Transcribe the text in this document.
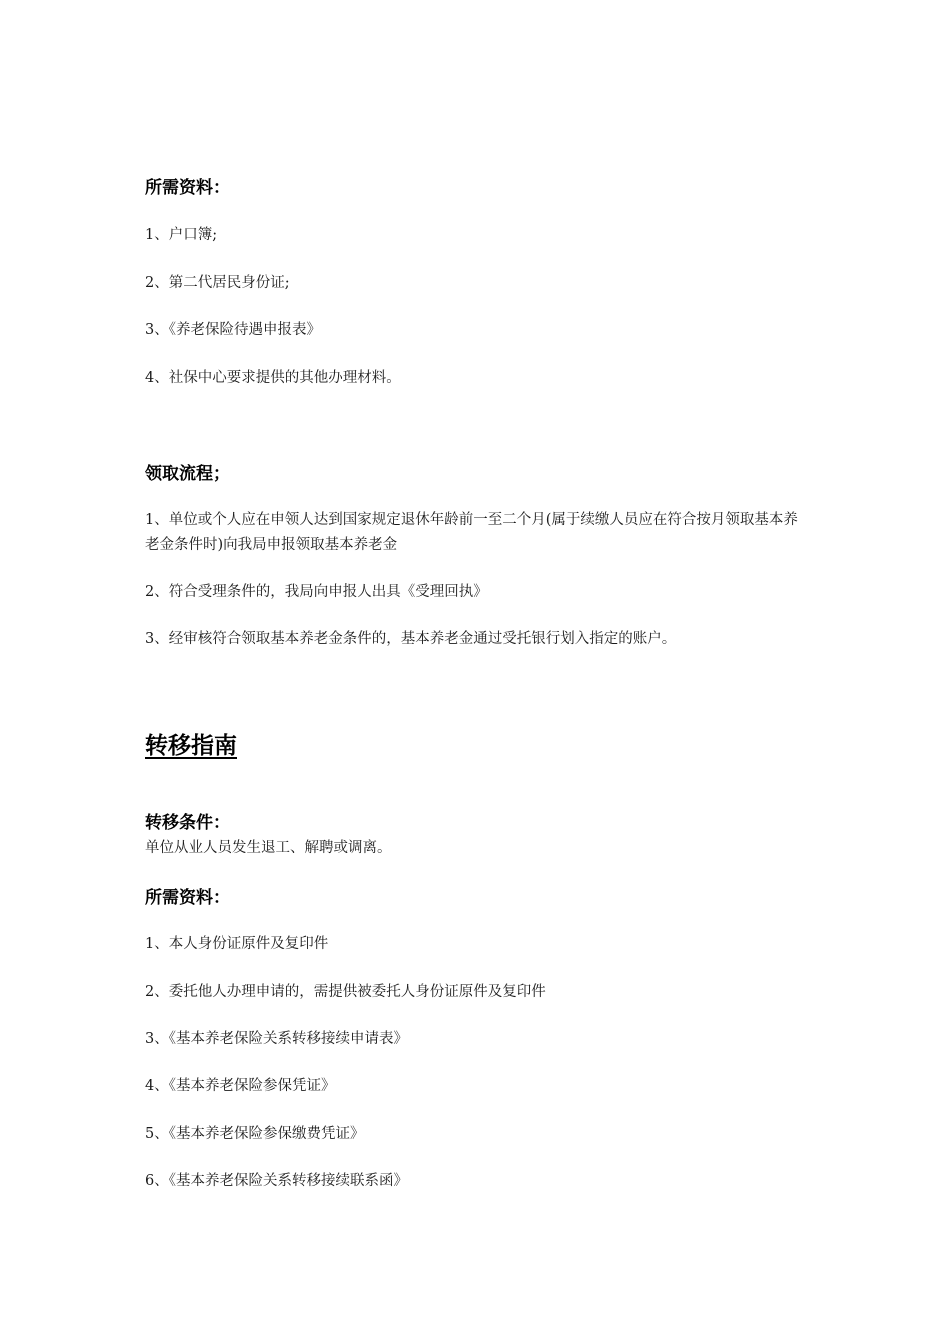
所需资料：
1、户口簿;
2、第二代居民身份证;
3、《养老保险待遇申报表》
4、社保中心要求提供的其他办理材料。
领取流程；
1、单位或个人应在申领人达到国家规定退休年龄前一至二个月(属于续缴人员应在符合按月领取基本养老金条件时)向我局申报领取基本养老金
2、符合受理条件的，我局向申报人出具《受理回执》
3、经审核符合领取基本养老金条件的，基本养老金通过受托银行划入指定的账户。
转移指南
转移条件：
单位从业人员发生退工、解聘或调离。
所需资料：
1、本人身份证原件及复印件
2、委托他人办理申请的，需提供被委托人身份证原件及复印件
3、《基本养老保险关系转移接续申请表》
4、《基本养老保险参保凭证》
5、《基本养老保险参保缴费凭证》
6、《基本养老保险关系转移接续联系函》
